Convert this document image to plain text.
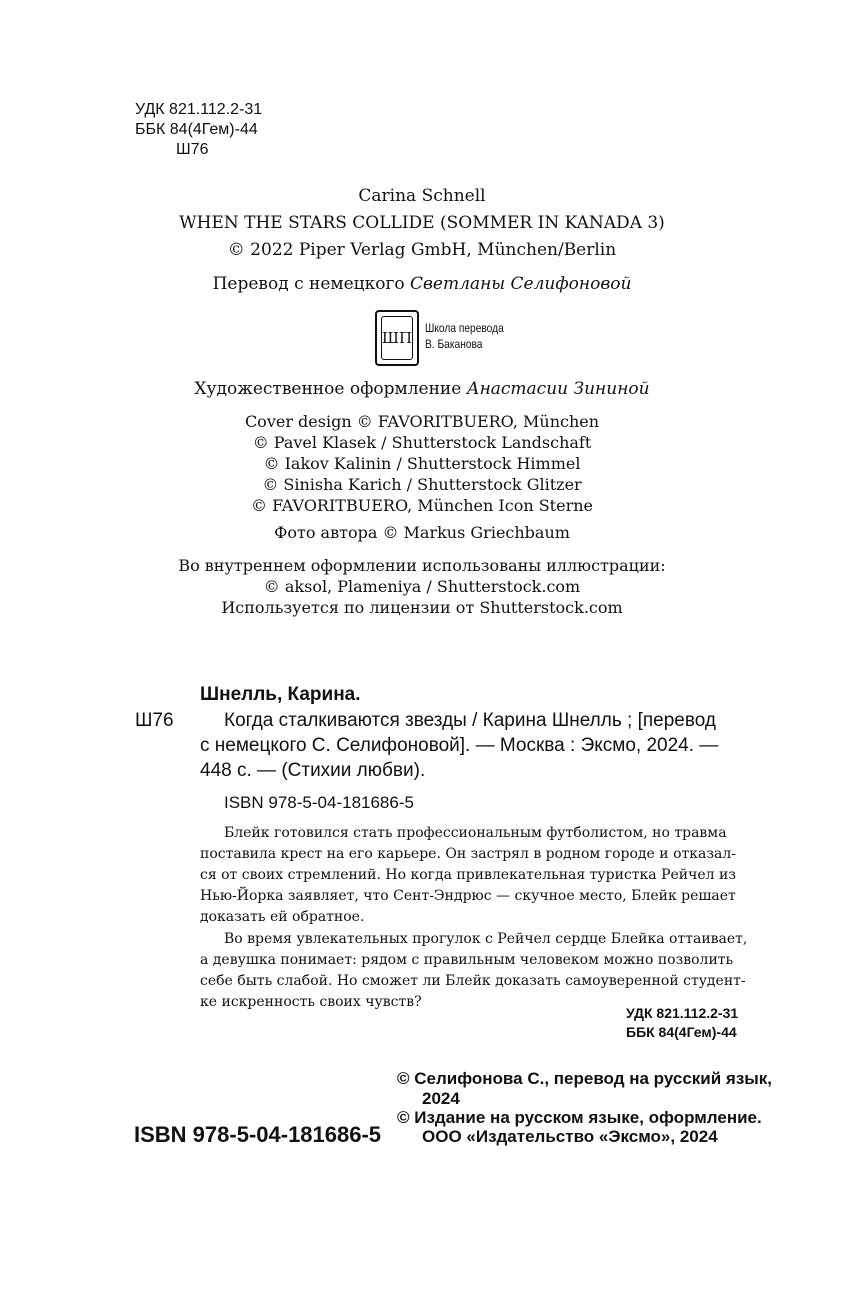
УДК 821.112.2-31
ББК 84(4Гем)-44
Ш76
Carina Schnell
WHEN THE STARS COLLIDE (SOMMER IN KANADA 3)
© 2022 Piper Verlag GmbH, München/Berlin
Перевод с немецкого Светланы Селифоновой
ШП
Школа перевода
В. Баканова
Художественное оформление Анастасии Зининой
Cover design © FAVORITBUERO, München
© Pavel Klasek / Shutterstock Landschaft
© Iakov Kalinin / Shutterstock Himmel
© Sinisha Karich / Shutterstock Glitzer
© FAVORITBUERO, München Icon Sterne
Фото автора © Markus Griechbaum
Во внутреннем оформлении использованы иллюстрации:
© aksol, Plameniya / Shutterstock.com
Используется по лицензии от Shutterstock.com
Шнелль, Карина.
Ш76	Когда сталкиваются звезды / Карина Шнелль ; [перевод
с немецкого С. Селифоновой]. — Москва : Эксмо, 2024. —
448 с. — (Стихии любви).
ISBN 978-5-04-181686-5
Блейк готовился стать профессиональным футболистом, но травма
поставила крест на его карьере. Он застрял в родном городе и отказал-
ся от своих стремлений. Но когда привлекательная туристка Рейчел из
Нью-Йорка заявляет, что Сент-Эндрюс — скучное место, Блейк решает
доказать ей обратное.
Во время увлекательных прогулок с Рейчел сердце Блейка оттаивает,
а девушка понимает: рядом с правильным человеком можно позволить
себе быть слабой. Но сможет ли Блейк доказать самоуверенной студент-
ке искренность своих чувств?
УДК 821.112.2-31
ББК 84(4Гем)-44
© Селифонова С., перевод на русский язык,
2024
© Издание на русском языке, оформление.
ООО «Издательство «Эксмо», 2024
ISBN 978-5-04-181686-5
